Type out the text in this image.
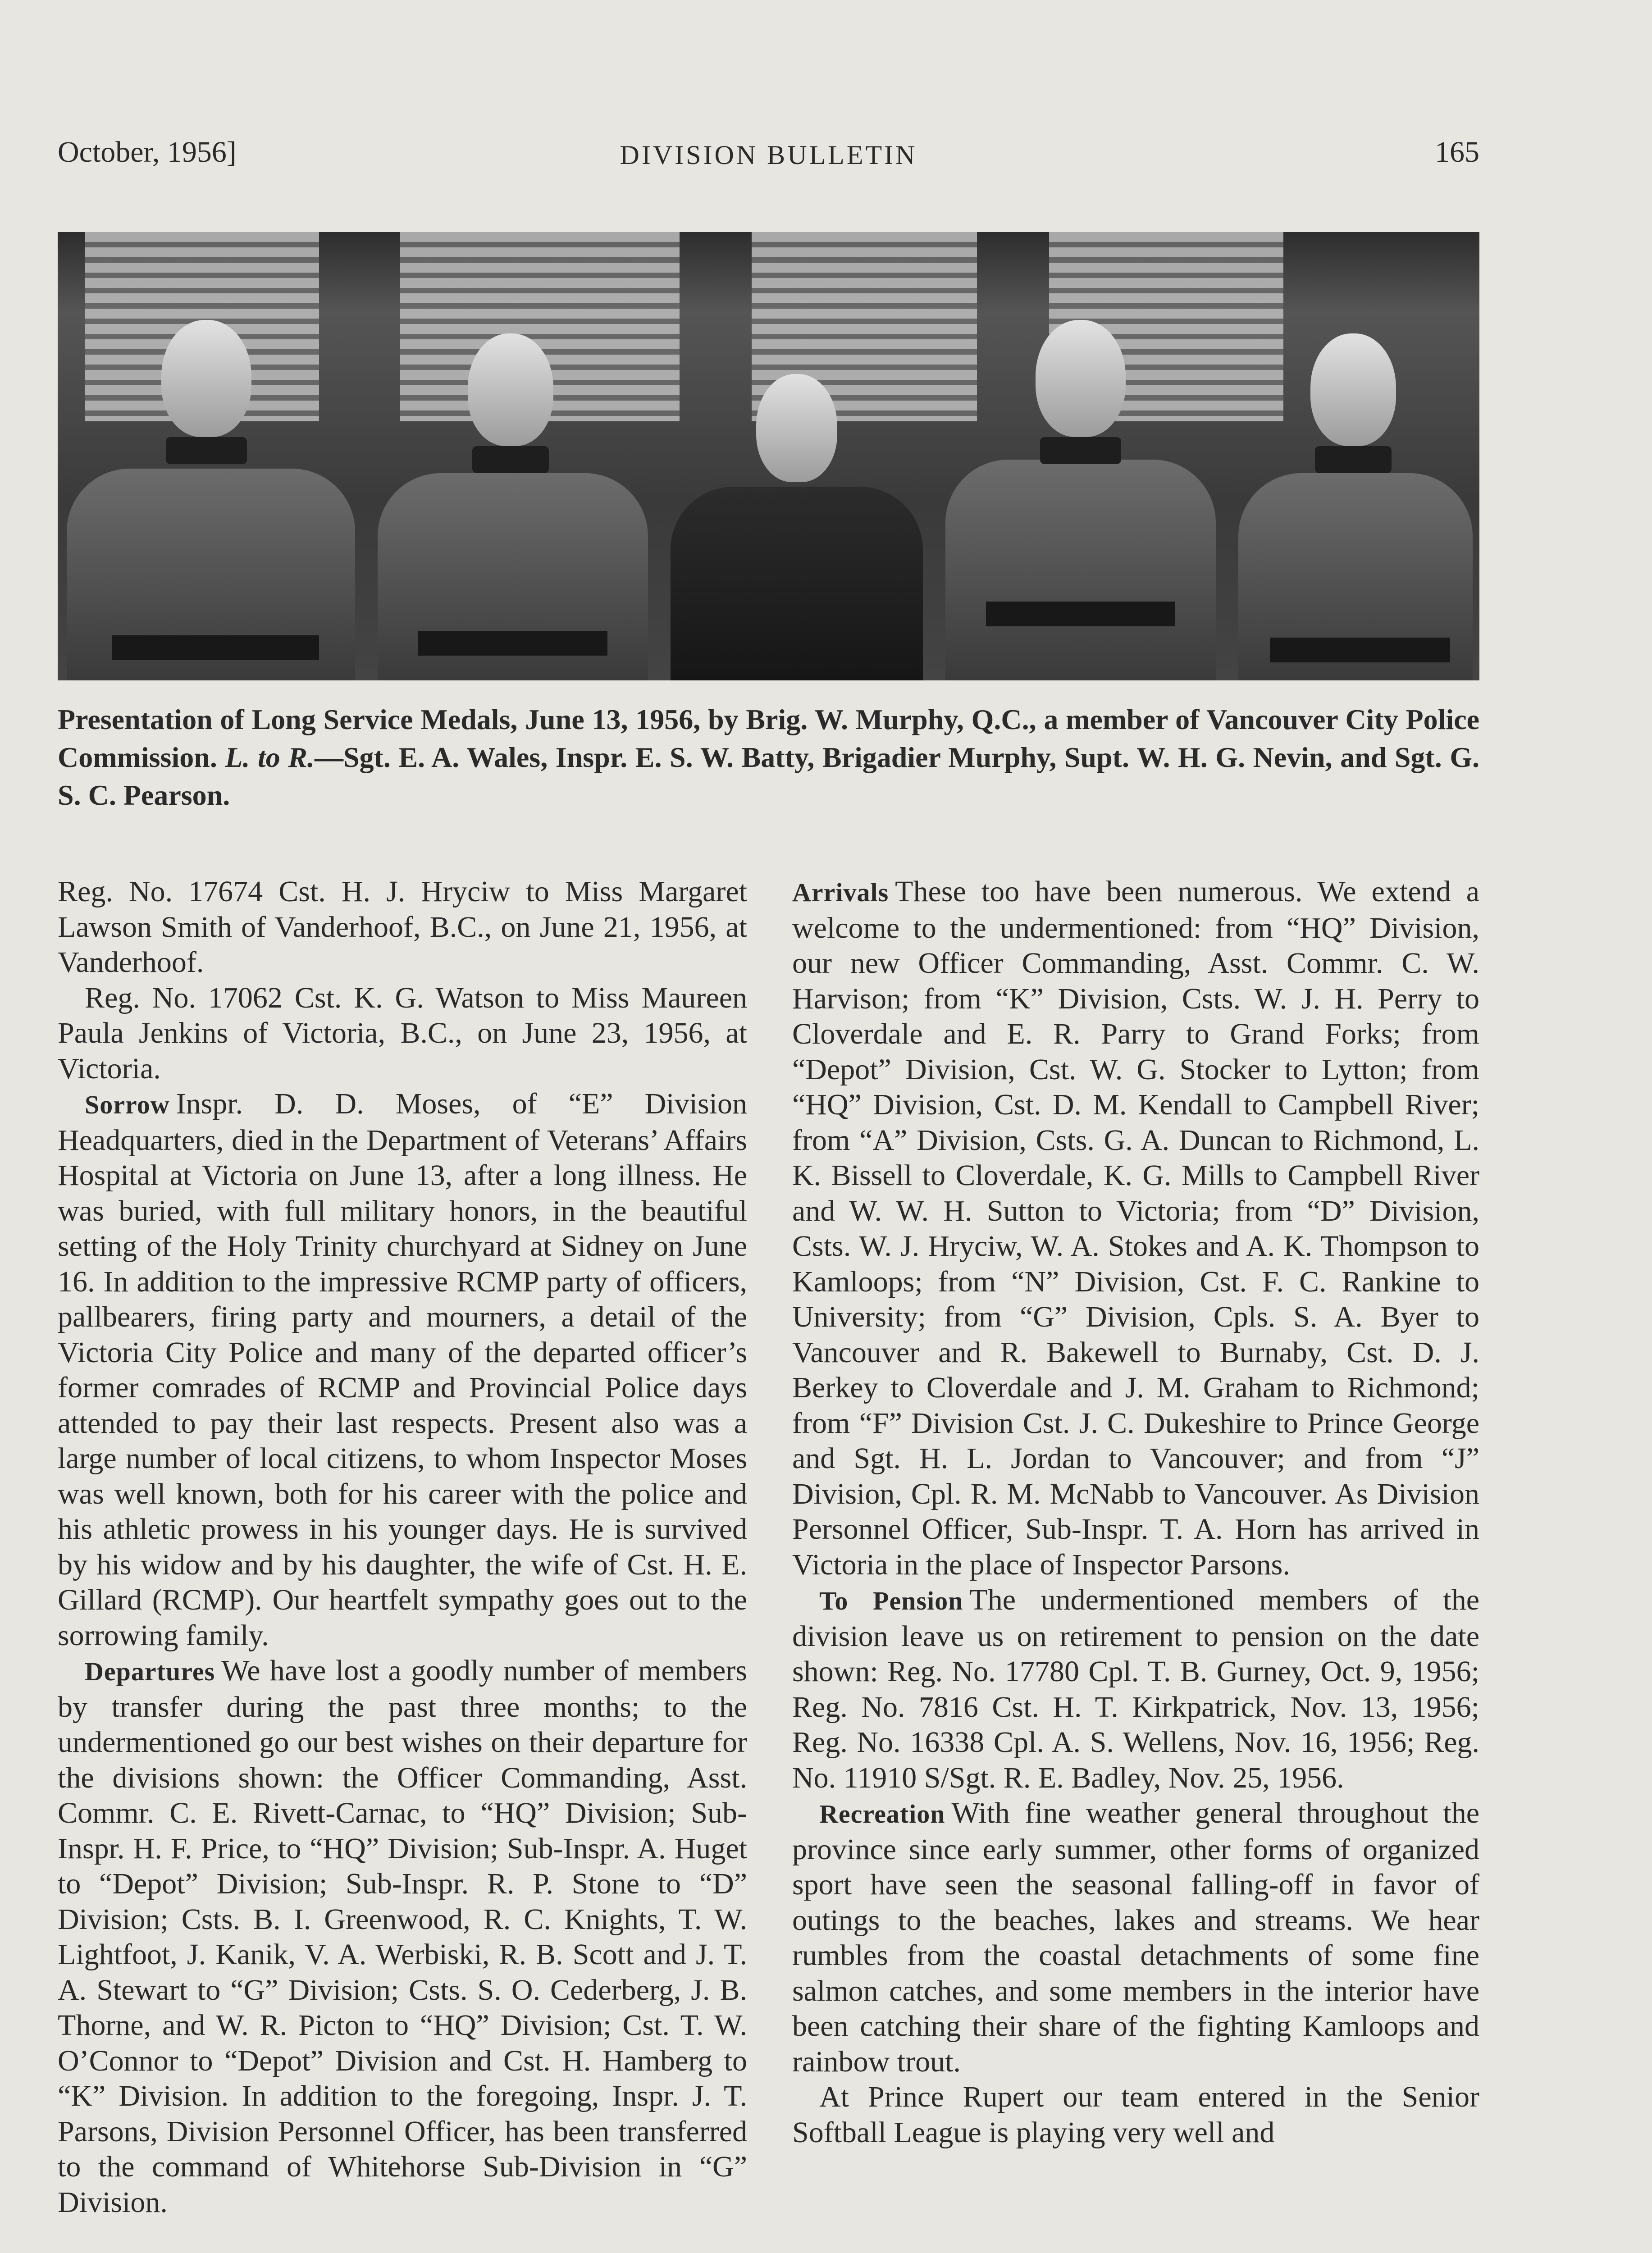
October, 1956]	DIVISION BULLETIN	165

Presentation of Long Service Medals, June 13, 1956, by Brig. W. Murphy, Q.C., a member of Vancouver City Police Commission. L. to R.—Sgt. E. A. Wales, Inspr. E. S. W. Batty, Brigadier Murphy, Supt. W. H. G. Nevin, and Sgt. G. S. C. Pearson.

Reg. No. 17674 Cst. H. J. Hryciw to Miss Margaret Lawson Smith of Vanderhoof, B.C., on June 21, 1956, at Vanderhoof.

Reg. No. 17062 Cst. K. G. Watson to Miss Maureen Paula Jenkins of Victoria, B.C., on June 23, 1956, at Victoria.

Sorrow Inspr. D. D. Moses, of “E” Division Headquarters, died in the Department of Veterans’ Affairs Hospital at Victoria on June 13, after a long illness. He was buried, with full military honors, in the beautiful setting of the Holy Trinity churchyard at Sidney on June 16. In addition to the impressive RCMP party of officers, pallbearers, firing party and mourners, a detail of the Victoria City Police and many of the departed officer’s former comrades of RCMP and Provincial Police days attended to pay their last respects. Present also was a large number of local citizens, to whom Inspector Moses was well known, both for his career with the police and his athletic prowess in his younger days. He is survived by his widow and by his daughter, the wife of Cst. H. E. Gillard (RCMP). Our heartfelt sympathy goes out to the sorrowing family.

Departures We have lost a goodly number of members by transfer during the past three months; to the undermentioned go our best wishes on their departure for the divisions shown: the Officer Commanding, Asst. Commr. C. E. Rivett-Carnac, to “HQ” Division; Sub-Inspr. H. F. Price, to “HQ” Division; Sub-Inspr. A. Huget to “Depot” Division; Sub-Inspr. R. P. Stone to “D” Division; Csts. B. I. Greenwood, R. C. Knights, T. W. Lightfoot, J. Kanik, V. A. Werbiski, R. B. Scott and J. T. A. Stewart to “G” Division; Csts. S. O. Cederberg, J. B. Thorne, and W. R. Picton to “HQ” Division; Cst. T. W. O’Connor to “Depot” Division and Cst. H. Hamberg to “K” Division. In addition to the foregoing, Inspr. J. T. Parsons, Division Personnel Officer, has been transferred to the command of Whitehorse Sub-Division in “G” Division.

Arrivals These too have been numerous. We extend a welcome to the undermentioned: from “HQ” Division, our new Officer Commanding, Asst. Commr. C. W. Harvison; from “K” Division, Csts. W. J. H. Perry to Cloverdale and E. R. Parry to Grand Forks; from “Depot” Division, Cst. W. G. Stocker to Lytton; from “HQ” Division, Cst. D. M. Kendall to Campbell River; from “A” Division, Csts. G. A. Duncan to Richmond, L. K. Bissell to Cloverdale, K. G. Mills to Campbell River and W. W. H. Sutton to Victoria; from “D” Division, Csts. W. J. Hryciw, W. A. Stokes and A. K. Thompson to Kamloops; from “N” Division, Cst. F. C. Rankine to University; from “G” Division, Cpls. S. A. Byer to Vancouver and R. Bakewell to Burnaby, Cst. D. J. Berkey to Cloverdale and J. M. Graham to Richmond; from “F” Division Cst. J. C. Dukeshire to Prince George and Sgt. H. L. Jordan to Vancouver; and from “J” Division, Cpl. R. M. McNabb to Vancouver. As Division Personnel Officer, Sub-Inspr. T. A. Horn has arrived in Victoria in the place of Inspector Parsons.

To Pension The undermentioned members of the division leave us on retirement to pension on the date shown: Reg. No. 17780 Cpl. T. B. Gurney, Oct. 9, 1956; Reg. No. 7816 Cst. H. T. Kirkpatrick, Nov. 13, 1956; Reg. No. 16338 Cpl. A. S. Wellens, Nov. 16, 1956; Reg. No. 11910 S/Sgt. R. E. Badley, Nov. 25, 1956.

Recreation With fine weather general throughout the province since early summer, other forms of organized sport have seen the seasonal falling-off in favor of outings to the beaches, lakes and streams. We hear rumbles from the coastal detachments of some fine salmon catches, and some members in the interior have been catching their share of the fighting Kamloops and rainbow trout.

At Prince Rupert our team entered in the Senior Softball League is playing very well and
